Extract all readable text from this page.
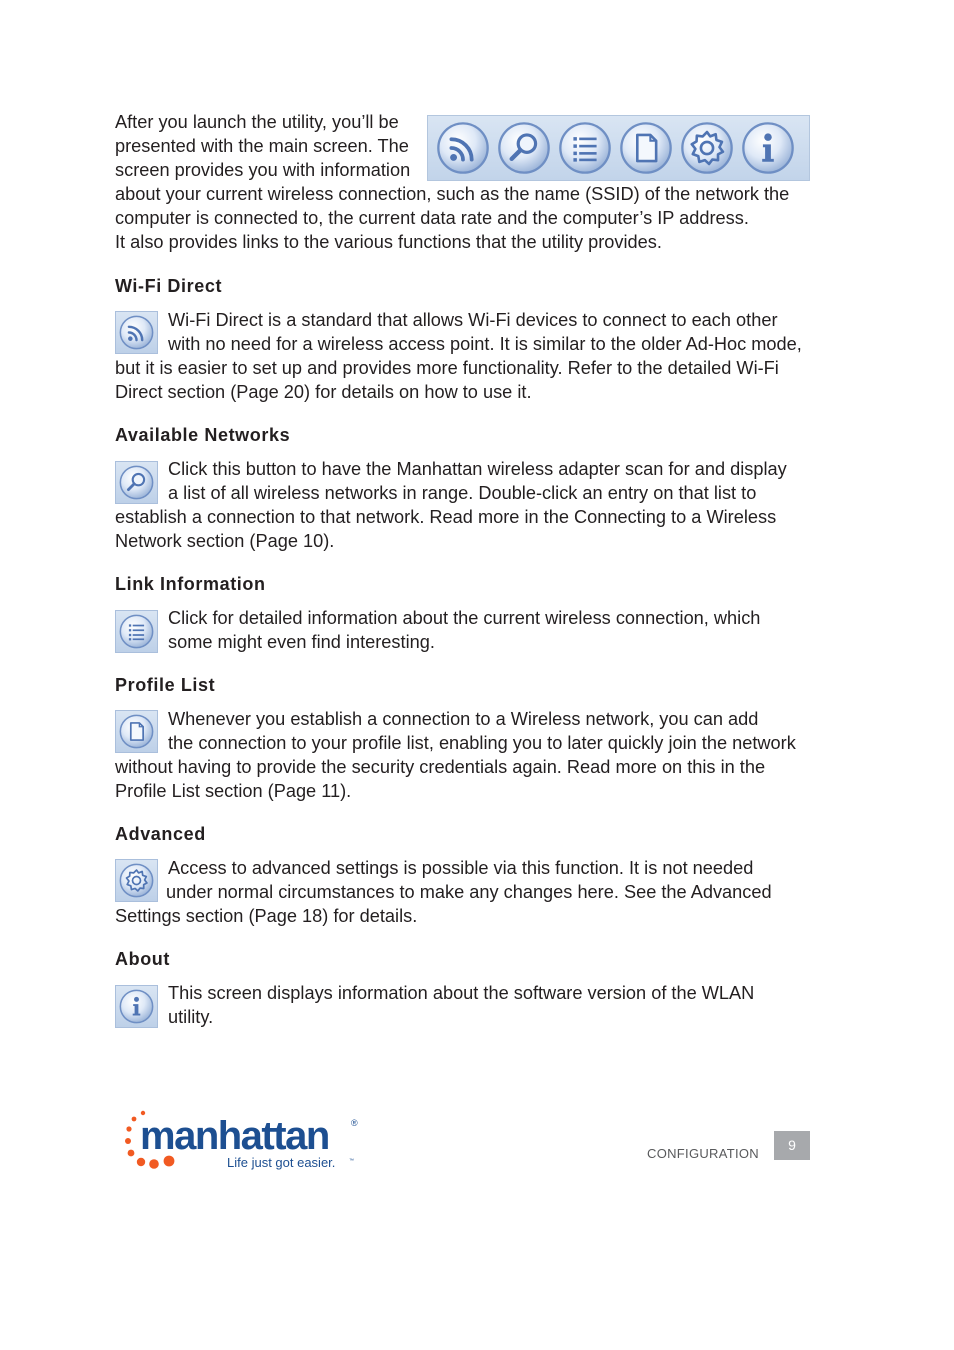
After you launch the utility, you’ll be
presented with the main screen. The
screen provides you with information
about your current wireless connection, such as the name (SSID) of the network the
computer is connected to, the current data rate and the computer’s IP address.
It also provides links to the various functions that the utility provides.

Wi-Fi Direct

Wi-Fi Direct is a standard that allows Wi-Fi devices to connect to each other
with no need for a wireless access point. It is similar to the older Ad-Hoc mode,
but it is easier to set up and provides more functionality. Refer to the detailed Wi-Fi
Direct section (Page 20) for details on how to use it.

Available Networks

Click this button to have the Manhattan wireless adapter scan for and display
a list of all wireless networks in range. Double-click an entry on that list to
establish a connection to that network. Read more in the Connecting to a Wireless
Network section (Page 10).

Link Information

Click for detailed information about the current wireless connection, which
some might even find interesting.

Profile List

Whenever you establish a connection to a Wireless network, you can add
the connection to your profile list, enabling you to later quickly join the network
without having to provide the security credentials again. Read more on this in the
Profile List section (Page 11).

Advanced

Access to advanced settings is possible via this function. It is not needed
under normal circumstances to make any changes here. See the Advanced
Settings section (Page 18) for details.

About

This screen displays information about the software version of the WLAN
utility.

manhattan ®
Life just got easier.	™	CONFIGURATION
9
